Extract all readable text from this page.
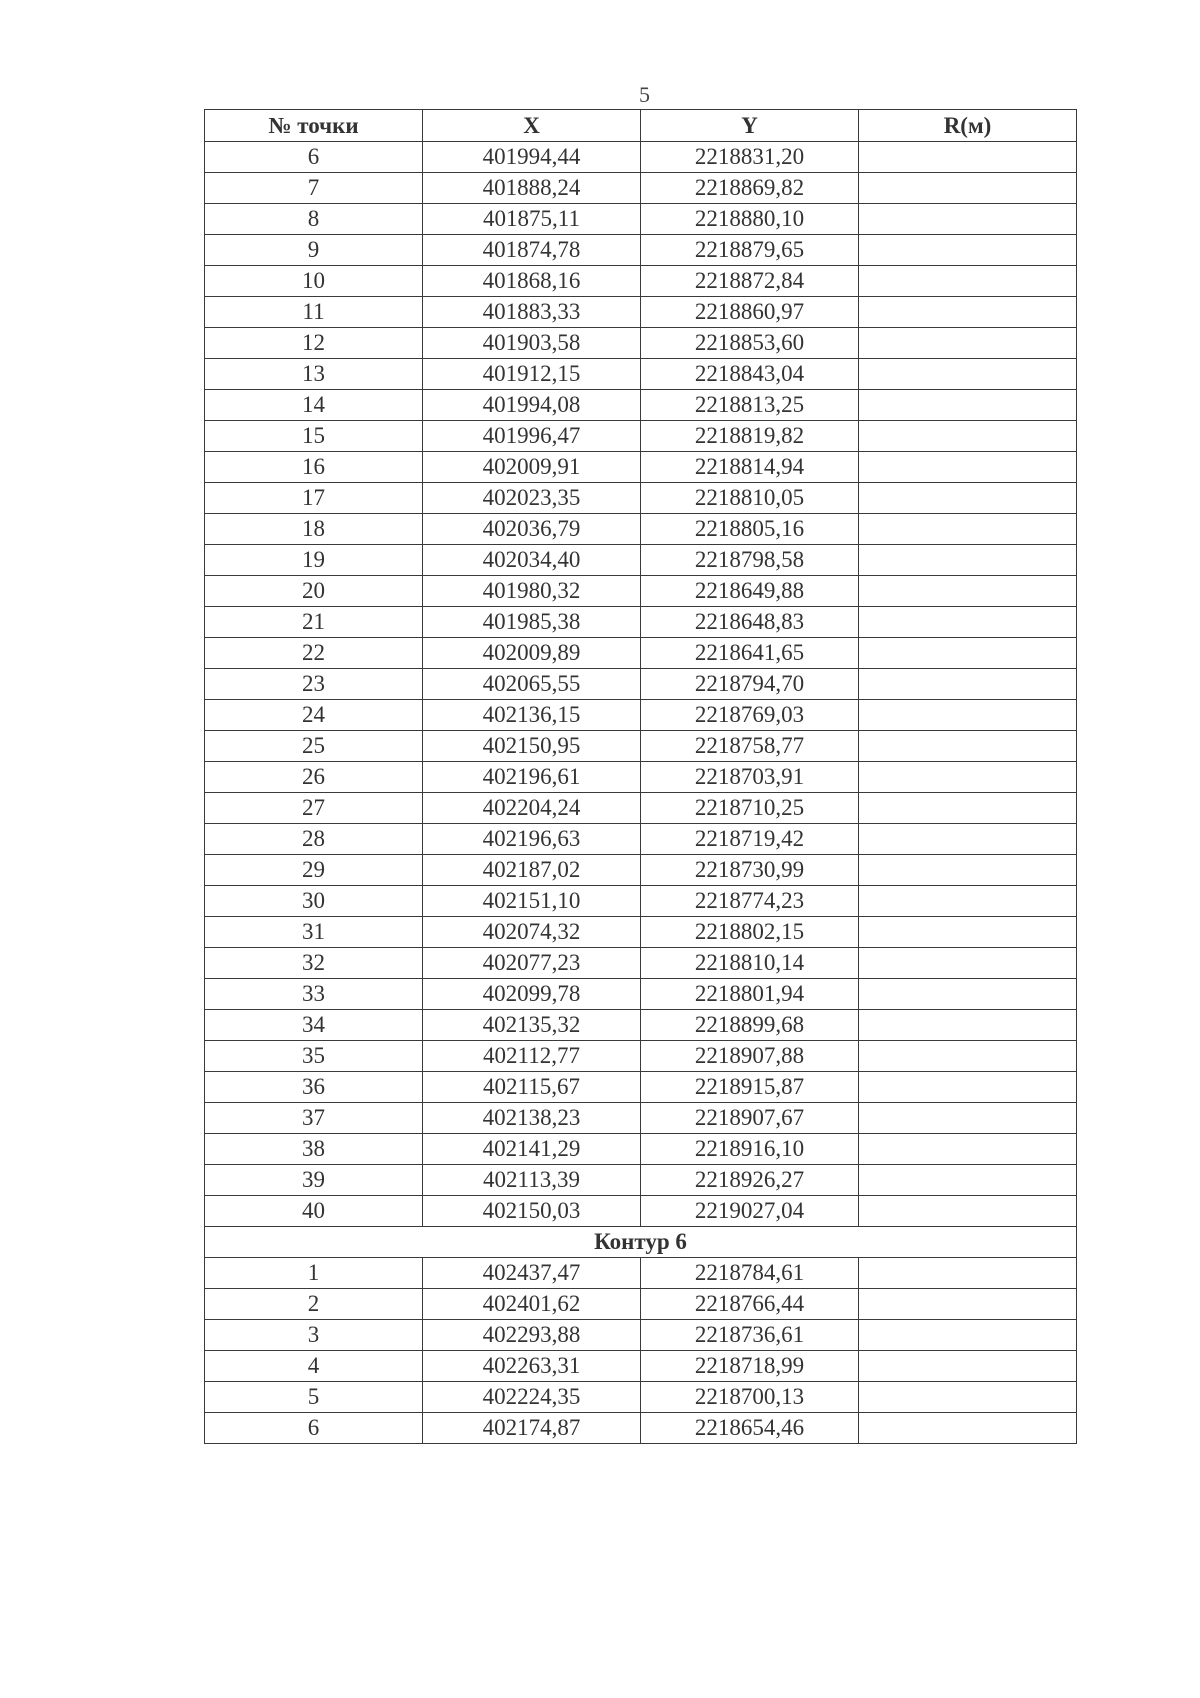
5
№ точки	X	Y	R(м)
6	401994,44	2218831,20	
7	401888,24	2218869,82	
8	401875,11	2218880,10	
9	401874,78	2218879,65	
10	401868,16	2218872,84	
11	401883,33	2218860,97	
12	401903,58	2218853,60	
13	401912,15	2218843,04	
14	401994,08	2218813,25	
15	401996,47	2218819,82	
16	402009,91	2218814,94	
17	402023,35	2218810,05	
18	402036,79	2218805,16	
19	402034,40	2218798,58	
20	401980,32	2218649,88	
21	401985,38	2218648,83	
22	402009,89	2218641,65	
23	402065,55	2218794,70	
24	402136,15	2218769,03	
25	402150,95	2218758,77	
26	402196,61	2218703,91	
27	402204,24	2218710,25	
28	402196,63	2218719,42	
29	402187,02	2218730,99	
30	402151,10	2218774,23	
31	402074,32	2218802,15	
32	402077,23	2218810,14	
33	402099,78	2218801,94	
34	402135,32	2218899,68	
35	402112,77	2218907,88	
36	402115,67	2218915,87	
37	402138,23	2218907,67	
38	402141,29	2218916,10	
39	402113,39	2218926,27	
40	402150,03	2219027,04	
Контур 6			
1	402437,47	2218784,61	
2	402401,62	2218766,44	
3	402293,88	2218736,61	
4	402263,31	2218718,99	
5	402224,35	2218700,13	
6	402174,87	2218654,46	
